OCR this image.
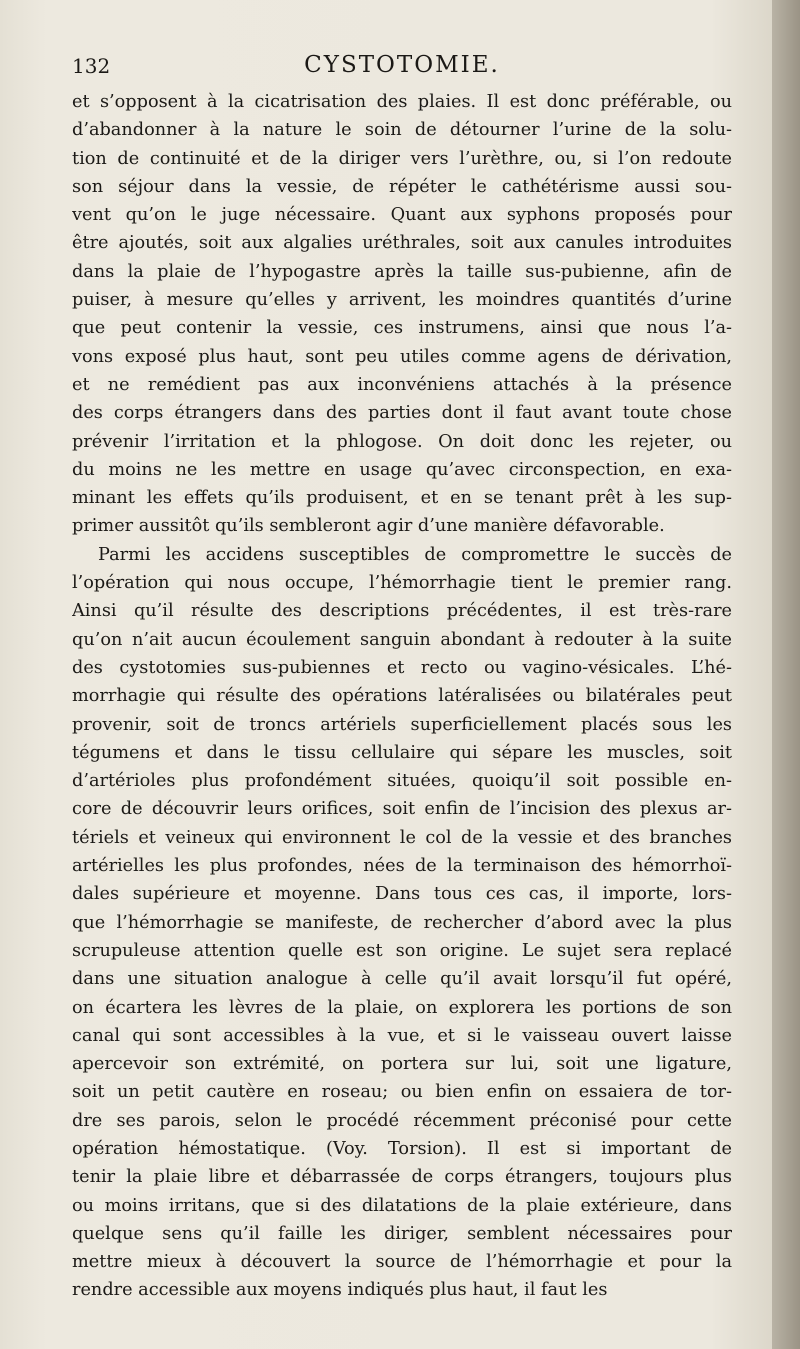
132	CYSTOTOMIE.
et s’opposent à la cicatrisation des plaies. Il est donc préférable, ou
d’abandonner à la nature le soin de détourner l’urine de la solu-
tion de continuité et de la diriger vers l’urèthre, ou, si l’on redoute
son séjour dans la vessie, de répéter le cathétérisme aussi sou-
vent qu’on le juge nécessaire. Quant aux syphons proposés pour
être ajoutés, soit aux algalies uréthrales, soit aux canules introduites
dans la plaie de l’hypogastre après la taille sus-pubienne, afin de
puiser, à mesure qu’elles y arrivent, les moindres quantités d’urine
que peut contenir la vessie, ces instrumens, ainsi que nous l’a-
vons exposé plus haut, sont peu utiles comme agens de dérivation,
et ne remédient pas aux inconvéniens attachés à la présence
des corps étrangers dans des parties dont il faut avant toute chose
prévenir l’irritation et la phlogose. On doit donc les rejeter, ou
du moins ne les mettre en usage qu’avec circonspection, en exa-
minant les effets qu’ils produisent, et en se tenant prêt à les sup-
primer aussitôt qu’ils sembleront agir d’une manière défavorable.
Parmi les accidens susceptibles de compromettre le succès de
l’opération qui nous occupe, l’hémorrhagie tient le premier rang.
Ainsi qu’il résulte des descriptions précédentes, il est très-rare
qu’on n’ait aucun écoulement sanguin abondant à redouter à la suite
des cystotomies sus-pubiennes et recto ou vagino-vésicales. L’hé-
morrhagie qui résulte des opérations latéralisées ou bilatérales peut
provenir, soit de troncs artériels superficiellement placés sous les
tégumens et dans le tissu cellulaire qui sépare les muscles, soit
d’artérioles plus profondément situées, quoiqu’il soit possible en-
core de découvrir leurs orifices, soit enfin de l’incision des plexus ar-
tériels et veineux qui environnent le col de la vessie et des branches
artérielles les plus profondes, nées de la terminaison des hémorrhoï-
dales supérieure et moyenne. Dans tous ces cas, il importe, lors-
que l’hémorrhagie se manifeste, de rechercher d’abord avec la plus
scrupuleuse attention quelle est son origine. Le sujet sera replacé
dans une situation analogue à celle qu’il avait lorsqu’il fut opéré,
on écartera les lèvres de la plaie, on explorera les portions de son
canal qui sont accessibles à la vue, et si le vaisseau ouvert laisse
apercevoir son extrémité, on portera sur lui, soit une ligature,
soit un petit cautère en roseau; ou bien enfin on essaiera de tor-
dre ses parois, selon le procédé récemment préconisé pour cette
opération hémostatique. (Voy. Torsion). Il est si important de
tenir la plaie libre et débarrassée de corps étrangers, toujours plus
ou moins irritans, que si des dilatations de la plaie extérieure, dans
quelque sens qu’il faille les diriger, semblent nécessaires pour
mettre mieux à découvert la source de l’hémorrhagie et pour la
rendre accessible aux moyens indiqués plus haut, il faut les
